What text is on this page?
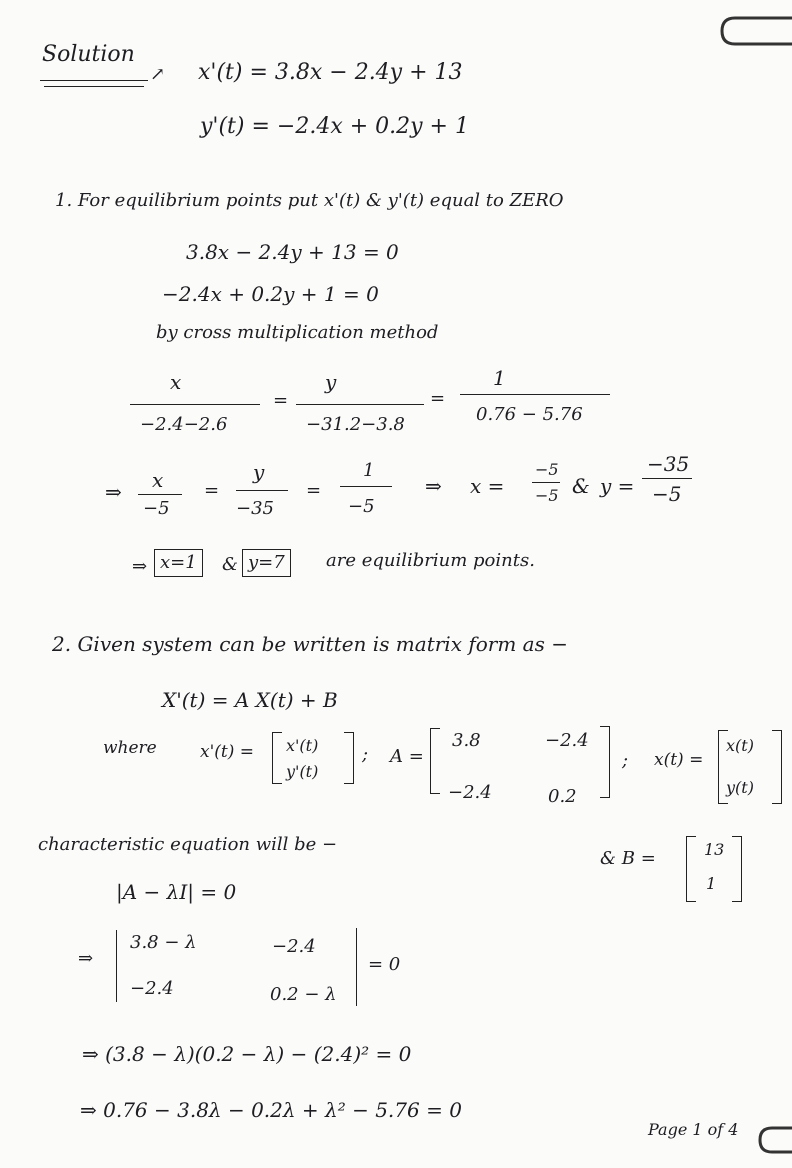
Solution
↗ x'(t) = 3.8x − 2.4y + 13
y'(t) = −2.4x + 0.2y + 1
1. For equilibrium points put x'(t) & y'(t) equal to ZERO
3.8x − 2.4y + 13 = 0
−2.4x + 0.2y + 1 = 0
by cross multiplication method
x
−2.4−2.6
=
y
−31.2−3.8
=
1
0.76 − 5.76
⇒ x
−5
=
y
−35
=
1
−5
⇒ x =
−5
−5 & y =
−35
−5
⇒ x=1	& y=7	are equilibrium points.
2. Given system can be written is matrix form as −
X'(t) = A X(t) + B
where	x'(t) = x'(t)
y'(t)
; A =
3.8	−2.4
−2.4	0.2
; x(t) =
x(t)
y(t)
characteristic equation will be −
& B =	13
1
|A − λI| = 0
⇒
3.8 − λ	−2.4
−2.4	0.2 − λ
= 0
⇒ (3.8 − λ)(0.2 − λ) − (2.4)² = 0
⇒ 0.76 − 3.8λ − 0.2λ + λ² − 5.76 = 0
Page 1 of 4
